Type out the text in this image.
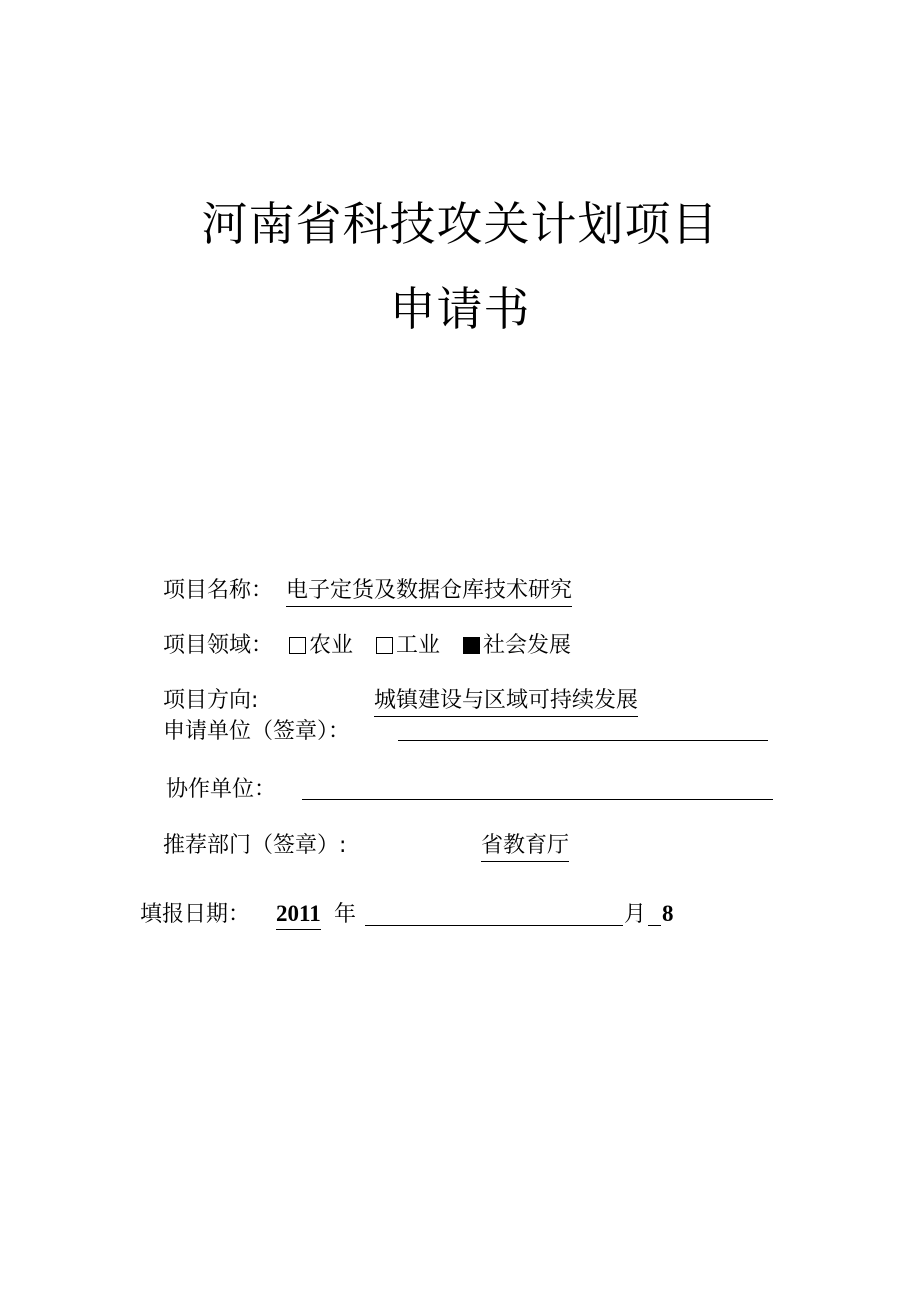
河南省科技攻关计划项目
申请书
项目名称： 电子定货及数据仓库技术研究
项目领域：	农业	工业	社会发展
项目方向:	城镇建设与区域可持续发展
申请单位（签章）：
协作单位：
推荐部门（签章）:	省教育厅
填报日期： 2011 年	月 8
